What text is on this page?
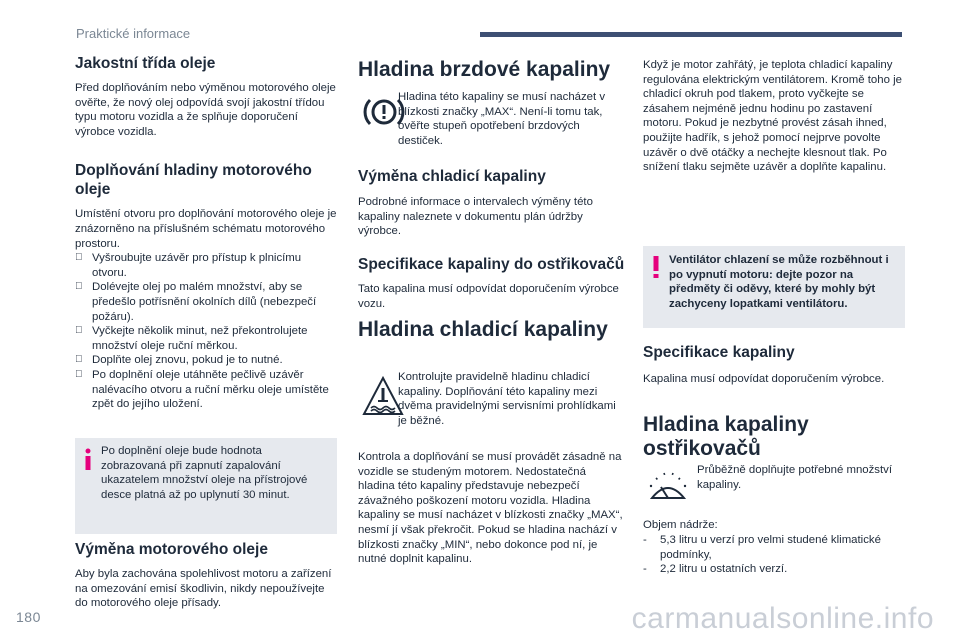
Praktické informace
Jakostní třída oleje

Před doplňováním nebo výměnou motorového oleje ověřte, že nový olej odpovídá svojí jakostní třídou typu motoru vozidla a že splňuje doporučení výrobce vozidla.

Doplňování hladiny motorového oleje

Umístění otvoru pro doplňování motorového oleje je znázorněno na příslušném schématu motorového prostoru.

Vyšroubujte uzávěr pro přístup k plnicímu otvoru.
Dolévejte olej po malém množství, aby se předešlo potřísnění okolních dílů (nebezpečí požáru).
Vyčkejte několik minut, než překontrolujete množství oleje ruční měrkou.
Doplňte olej znovu, pokud je to nutné.
Po doplnění oleje utáhněte pečlivě uzávěr nalévacího otvoru a ruční měrku oleje umístěte zpět do jejího uložení.

Po doplnění oleje bude hodnota zobrazovaná při zapnutí zapalování ukazatelem množství oleje na přístrojové desce platná až po uplynutí 30 minut.

Výměna motorového oleje

Aby byla zachována spolehlivost motoru a zařízení na omezování emisí škodlivin, nikdy nepoužívejte do motorového oleje přísady.

Hladina brzdové kapaliny

Hladina této kapaliny se musí nacházet v blízkosti značky „MAX“. Není-li tomu tak, ověřte stupeň opotřebení brzdových destiček.

Výměna chladicí kapaliny

Podrobné informace o intervalech výměny této kapaliny naleznete v dokumentu plán údržby výrobce.

Specifikace kapaliny do ostřikovačů

Tato kapalina musí odpovídat doporučením výrobce vozu.

Hladina chladicí kapaliny

Kontrolujte pravidelně hladinu chladicí kapaliny. Doplňování této kapaliny mezi dvěma pravidelnými servisními prohlídkami je běžné.

Kontrola a doplňování se musí provádět zásadně na vozidle se studeným motorem. Nedostatečná hladina této kapaliny představuje nebezpečí závažného poškození motoru vozidla. Hladina kapaliny se musí nacházet v blízkosti značky „MAX“, nesmí jí však překročit. Pokud se hladina nachází v blízkosti značky „MIN“, nebo dokonce pod ní, je nutné doplnit kapalinu.

Když je motor zahřátý, je teplota chladicí kapaliny regulována elektrickým ventilátorem. Kromě toho je chladicí okruh pod tlakem, proto vyčkejte se zásahem nejméně jednu hodinu po zastavení motoru. Pokud je nezbytné provést zásah ihned, použijte hadřík, s jehož pomocí nejprve povolte uzávěr o dvě otáčky a nechejte klesnout tlak. Po snížení tlaku sejměte uzávěr a doplňte kapalinu.

Ventilátor chlazení se může rozběhnout i po vypnutí motoru: dejte pozor na předměty či oděvy, které by mohly být zachyceny lopatkami ventilátoru.

Specifikace kapaliny

Kapalina musí odpovídat doporučením výrobce.

Hladina kapaliny ostřikovačů

Průběžně doplňujte potřebné množství kapaliny.

Objem nádrže:

- 5,3 litru u verzí pro velmi studené klimatické podmínky,
- 2,2 litru u ostatních verzí.
180	carmanualsonline.info
